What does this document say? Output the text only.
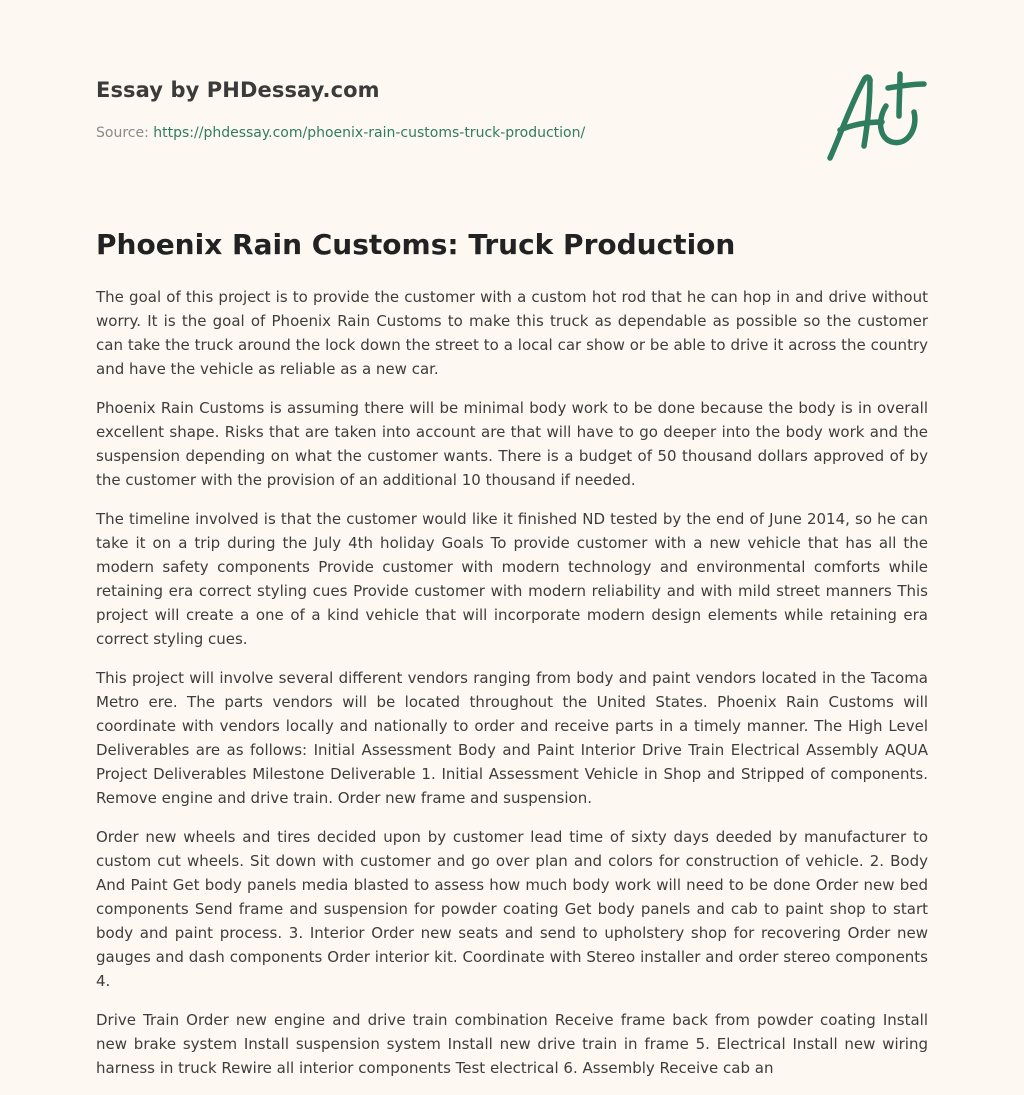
Essay by PHDessay.com
Source: https://phdessay.com/phoenix-rain-customs-truck-production/
Phoenix Rain Customs: Truck Production

The goal of this project is to provide the customer with a custom hot rod that he can hop in and drive without worry. It is the goal of Phoenix Rain Customs to make this truck as dependable as possible so the customer can take the truck around the lock down the street to a local car show or be able to drive it across the country and have the vehicle as reliable as a new car.

Phoenix Rain Customs is assuming there will be minimal body work to be done because the body is in overall excellent shape. Risks that are taken into account are that will have to go deeper into the body work and the suspension depending on what the customer wants. There is a budget of 50 thousand dollars approved of by the customer with the provision of an additional 10 thousand if needed.

The timeline involved is that the customer would like it finished ND tested by the end of June 2014, so he can take it on a trip during the July 4th holiday Goals To provide customer with a new vehicle that has all the modern safety components Provide customer with modern technology and environmental comforts while retaining era correct styling cues Provide customer with modern reliability and with mild street manners This project will create a one of a kind vehicle that will incorporate modern design elements while retaining era correct styling cues.

This project will involve several different vendors ranging from body and paint vendors located in the Tacoma Metro ere. The parts vendors will be located throughout the United States. Phoenix Rain Customs will coordinate with vendors locally and nationally to order and receive parts in a timely manner. The High Level Deliverables are as follows: Initial Assessment Body and Paint Interior Drive Train Electrical Assembly AQUA Project Deliverables Milestone Deliverable 1. Initial Assessment Vehicle in Shop and Stripped of components. Remove engine and drive train. Order new frame and suspension.

Order new wheels and tires decided upon by customer lead time of sixty days deeded by manufacturer to custom cut wheels. Sit down with customer and go over plan and colors for construction of vehicle. 2. Body And Paint Get body panels media blasted to assess how much body work will need to be done Order new bed components Send frame and suspension for powder coating Get body panels and cab to paint shop to start body and paint process. 3. Interior Order new seats and send to upholstery shop for recovering Order new gauges and dash components Order interior kit. Coordinate with Stereo installer and order stereo components 4.

Drive Train Order new engine and drive train combination Receive frame back from powder coating Install new brake system Install suspension system Install new drive train in frame 5. Electrical Install new wiring harness in truck Rewire all interior components Test electrical 6. Assembly Receive cab an
